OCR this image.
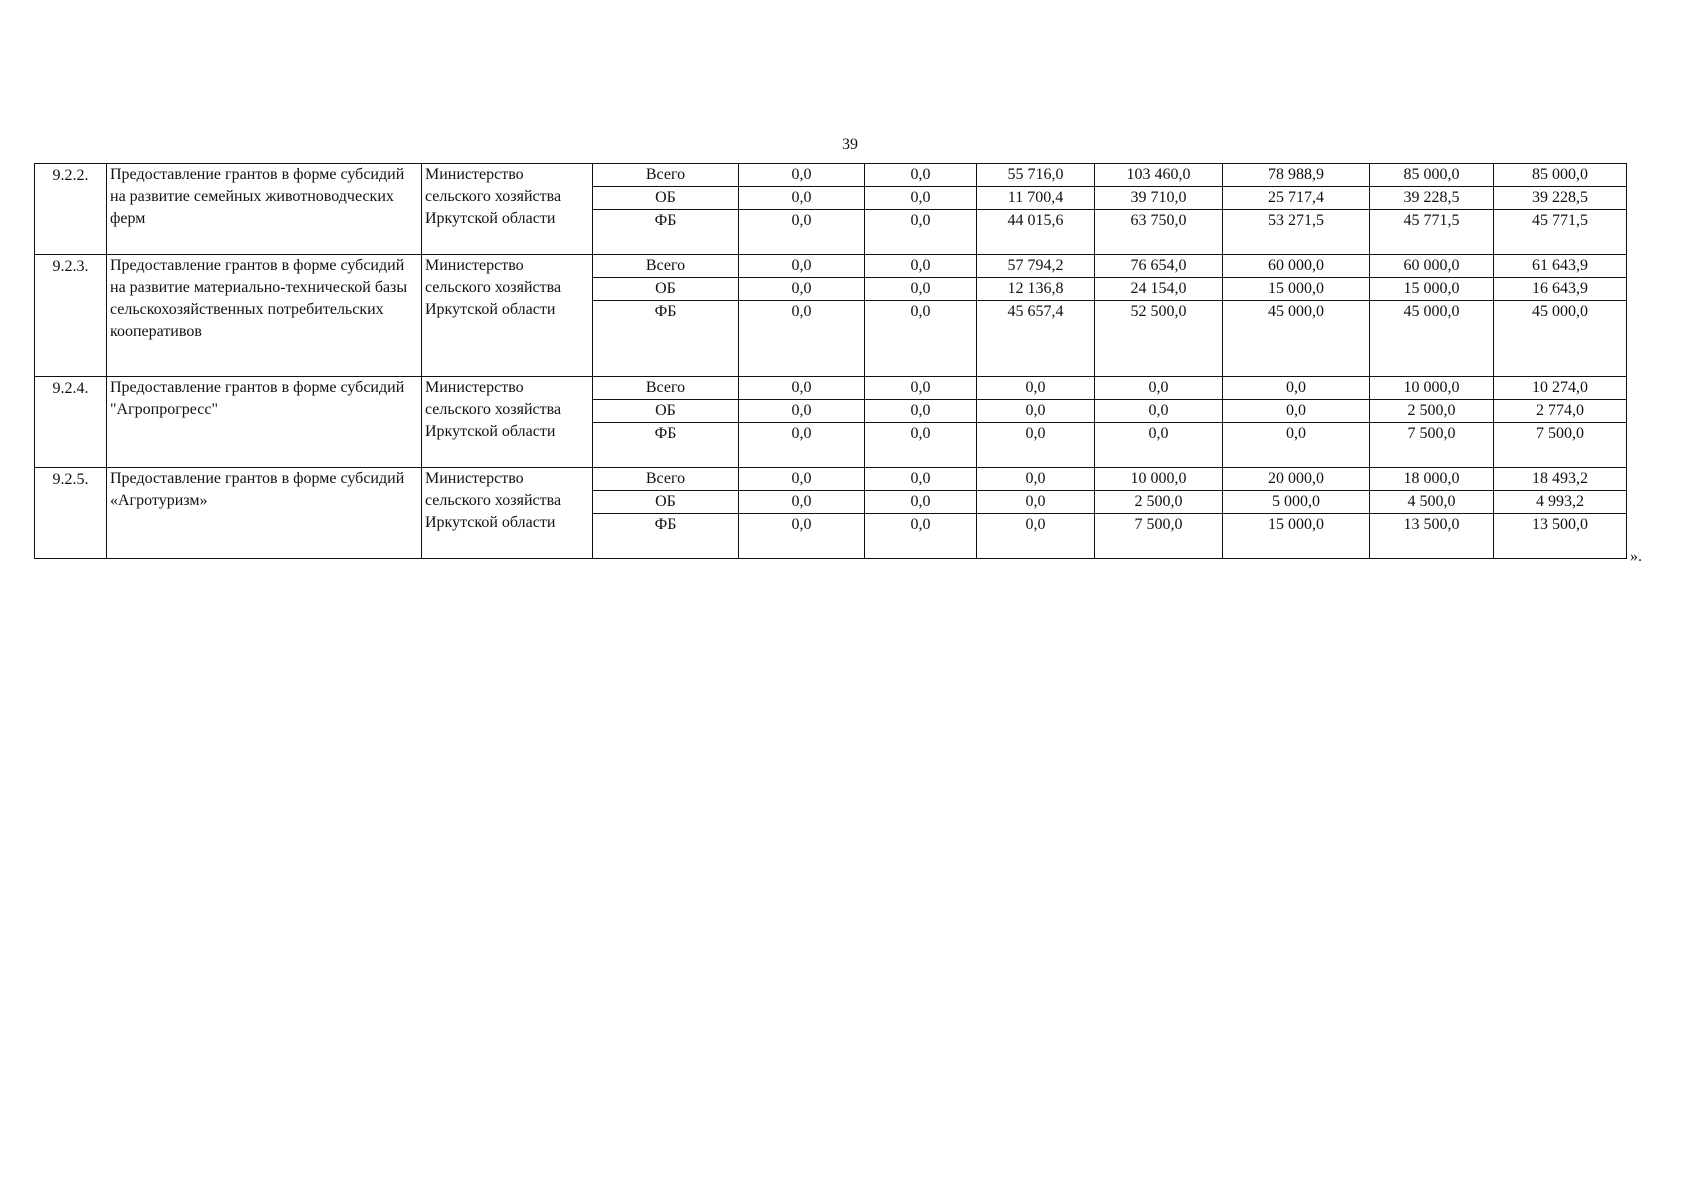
39
9.2.2.	Предоставление грантов в форме субсидий на развитие семейных животноводческих ферм	Министерство сельского хозяйства Иркутской области	Всего	0,0	0,0	55 716,0	103 460,0	78 988,9	85 000,0	85 000,0
			ОБ	0,0	0,0	11 700,4	39 710,0	25 717,4	39 228,5	39 228,5
			ФБ	0,0	0,0	44 015,6	63 750,0	53 271,5	45 771,5	45 771,5
9.2.3.	Предоставление грантов в форме субсидий на развитие материально-технической базы сельскохозяйственных потребительских кооперативов	Министерство сельского хозяйства Иркутской области	Всего	0,0	0,0	57 794,2	76 654,0	60 000,0	60 000,0	61 643,9
			ОБ	0,0	0,0	12 136,8	24 154,0	15 000,0	15 000,0	16 643,9
			ФБ	0,0	0,0	45 657,4	52 500,0	45 000,0	45 000,0	45 000,0
9.2.4.	Предоставление грантов в форме субсидий "Агропрогресс"	Министерство сельского хозяйства Иркутской области	Всего	0,0	0,0	0,0	0,0	0,0	10 000,0	10 274,0
			ОБ	0,0	0,0	0,0	0,0	0,0	2 500,0	2 774,0
			ФБ	0,0	0,0	0,0	0,0	0,0	7 500,0	7 500,0
9.2.5.	Предоставление грантов в форме субсидий «Агротуризм»	Министерство сельского хозяйства Иркутской области	Всего	0,0	0,0	0,0	10 000,0	20 000,0	18 000,0	18 493,2
			ОБ	0,0	0,0	0,0	2 500,0	5 000,0	4 500,0	4 993,2
			ФБ	0,0	0,0	0,0	7 500,0	15 000,0	13 500,0	13 500,0
».
